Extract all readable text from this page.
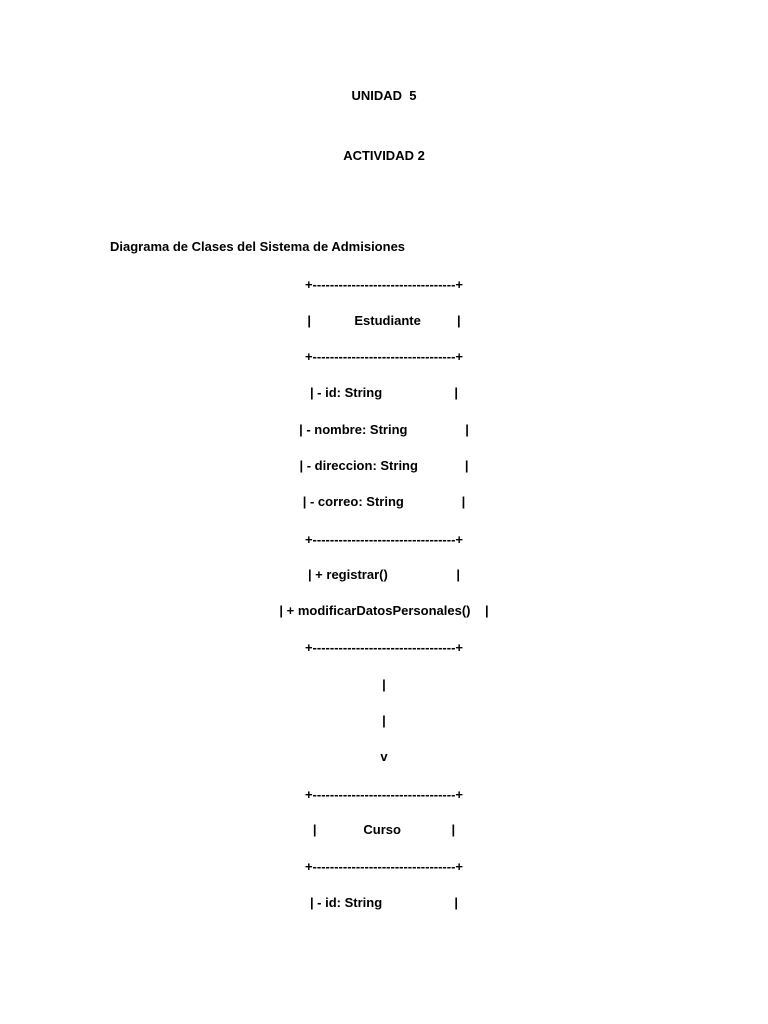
UNIDAD  5
ACTIVIDAD 2
Diagrama de Clases del Sistema de Admisiones
+---------------------------------+
|            Estudiante          |
+---------------------------------+
| - id: String                    |
| - nombre: String                |
| - direccion: String             |
| - correo: String                |
+---------------------------------+
| + registrar()                   |
| + modificarDatosPersonales()    |
+---------------------------------+
|
|
v
+---------------------------------+
|             Curso              |
+---------------------------------+
| - id: String                    |
